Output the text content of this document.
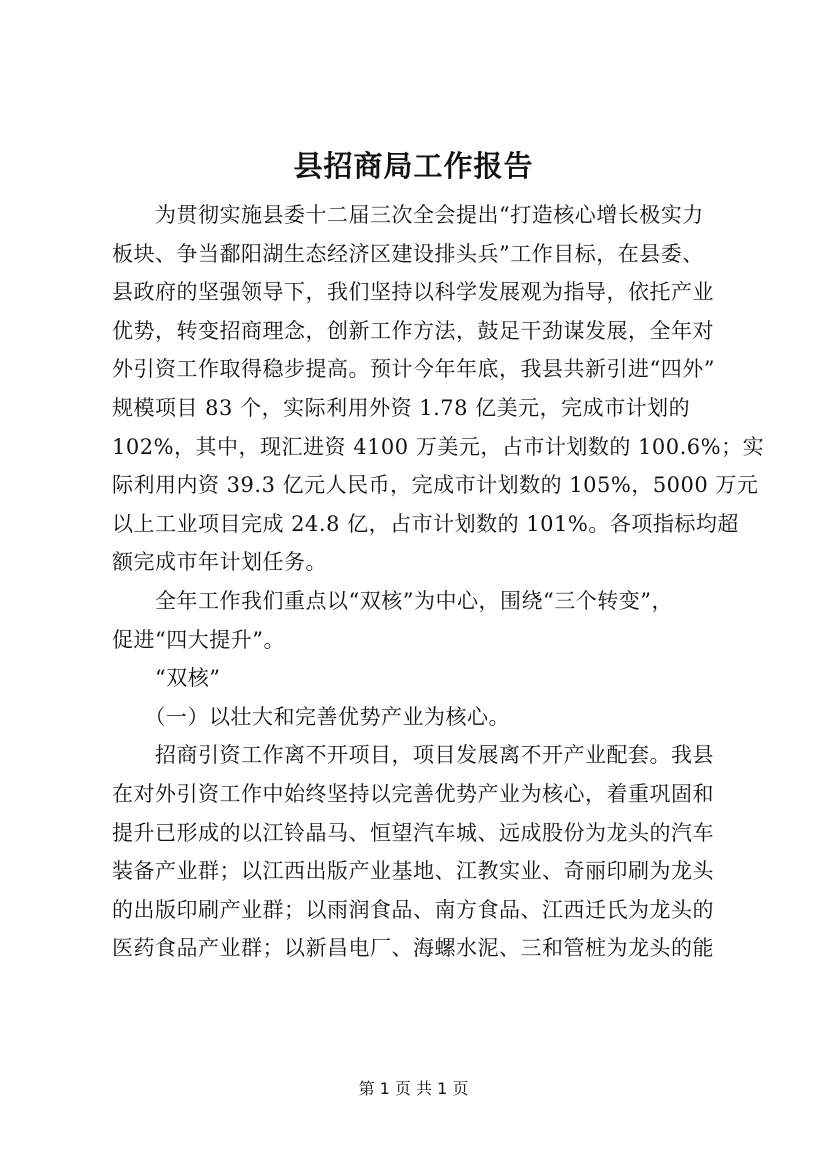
县招商局工作报告
　　为贯彻实施县委十二届三次全会提出“打造核心增长极实力
板块、争当鄱阳湖生态经济区建设排头兵”工作目标，在县委、
县政府的坚强领导下，我们坚持以科学发展观为指导，依托产业
优势，转变招商理念，创新工作方法，鼓足干劲谋发展，全年对
外引资工作取得稳步提高。预计今年年底，我县共新引进“四外”
规模项目 83 个，实际利用外资 1.78 亿美元，完成市计划的
102%，其中，现汇进资 4100 万美元，占市计划数的 100.6%；实
际利用内资 39.3 亿元人民币，完成市计划数的 105%，5000 万元
以上工业项目完成 24.8 亿，占市计划数的 101%。各项指标均超
额完成市年计划任务。
　　全年工作我们重点以“双核”为中心，围绕“三个转变”，
促进“四大提升”。
　　“双核”
　　（一）以壮大和完善优势产业为核心。
　　招商引资工作离不开项目，项目发展离不开产业配套。我县
在对外引资工作中始终坚持以完善优势产业为核心，着重巩固和
提升已形成的以江铃晶马、恒望汽车城、远成股份为龙头的汽车
装备产业群；以江西出版产业基地、江教实业、奇丽印刷为龙头
的出版印刷产业群；以雨润食品、南方食品、江西迁氏为龙头的
医药食品产业群；以新昌电厂、海螺水泥、三和管桩为龙头的能
第 1 页 共 1 页
